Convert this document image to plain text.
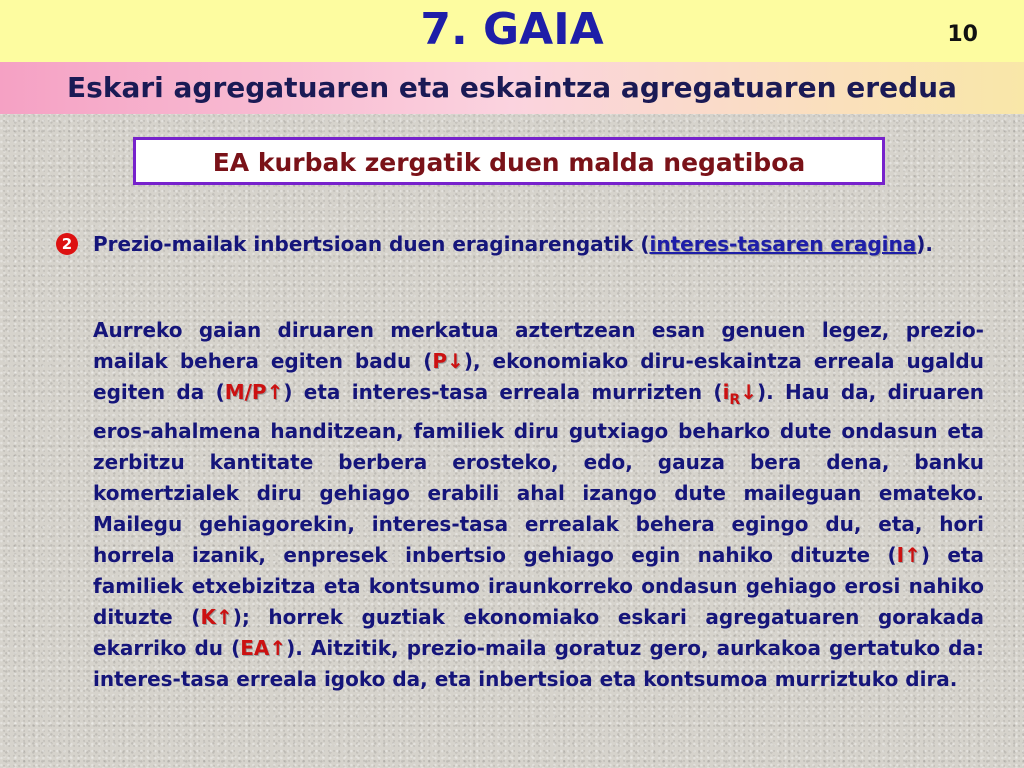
7. GAIA	10
Eskari agregatuaren eta eskaintza agregatuaren eredua
EA kurbak zergatik duen malda negatiboa
2 Prezio-mailak inbertsioan duen eraginarengatik (interes-tasaren eragina).
Aurreko gaian diruaren merkatua aztertzean esan genuen legez, prezio-mailak behera egiten badu (P↓), ekonomiako diru-eskaintza erreala ugaldu egiten da (M/P↑) eta interes-tasa erreala murrizten $(i_R↓)$. Hau da, diruaren eros-ahalmena handitzean, familiek diru gutxiago beharko dute ondasun eta zerbitzu kantitate berbera erosteko, edo, gauza bera dena, banku komertzialek diru gehiago erabili ahal izango dute maileguan emateko. Mailegu gehiagorekin, interes-tasa errealak behera egingo du, eta, hori horrela izanik, enpresek inbertsio gehiago egin nahiko dituzte (I↑) eta familiek etxebizitza eta kontsumo iraunkorreko ondasun gehiago erosi nahiko dituzte (K↑); horrek guztiak ekonomiako eskari agregatuaren gorakada ekarriko du (EA↑). Aitzitik, prezio-maila goratuz gero, aurkakoa gertatuko da: interes-tasa erreala igoko da, eta inbertsioa eta kontsumoa murriztuko dira.
